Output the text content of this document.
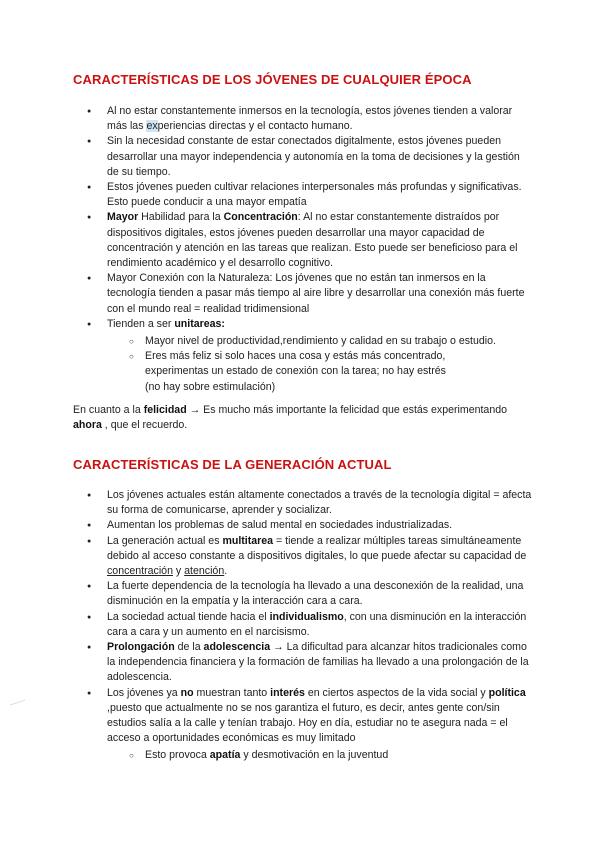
CARACTERÍSTICAS DE LOS JÓVENES DE CUALQUIER ÉPOCA
● Al no estar constantemente inmersos en la tecnología, estos jóvenes tienden a valorar más las experiencias directas y el contacto humano.
● Sin la necesidad constante de estar conectados digitalmente, estos jóvenes pueden desarrollar una mayor independencia y autonomía en la toma de decisiones y la gestión de su tiempo.
● Estos jóvenes pueden cultivar relaciones interpersonales más profundas y significativas. Esto puede conducir a una mayor empatía
● Mayor Habilidad para la Concentración: Al no estar constantemente distraídos por dispositivos digitales, estos jóvenes pueden desarrollar una mayor capacidad de concentración y atención en las tareas que realizan. Esto puede ser beneficioso para el rendimiento académico y el desarrollo cognitivo.
● Mayor Conexión con la Naturaleza: Los jóvenes que no están tan inmersos en la tecnología tienden a pasar más tiempo al aire libre y desarrollar una conexión más fuerte con el mundo real = realidad tridimensional
● Tienden a ser unitareas:
○ Mayor nivel de productividad,rendimiento y calidad en su trabajo o estudio.
○ Eres más feliz si solo haces una cosa y estás más concentrado,
experimentas un estado de conexión con la tarea; no hay estrés
(no hay sobre estimulación)

En cuanto a la felicidad → Es mucho más importante la felicidad que estás experimentando ahora , que el recuerdo.

CARACTERÍSTICAS DE LA GENERACIÓN ACTUAL
● Los jóvenes actuales están altamente conectados a través de la tecnología digital = afecta su forma de comunicarse, aprender y socializar.
● Aumentan los problemas de salud mental en sociedades industrializadas.
● La generación actual es multitarea = tiende a realizar múltiples tareas simultáneamente debido al acceso constante a dispositivos digitales, lo que puede afectar su capacidad de concentración y atención.
● La fuerte dependencia de la tecnología ha llevado a una desconexión de la realidad, una disminución en la empatía y la interacción cara a cara.
● La sociedad actual tiende hacia el individualismo, con una disminución en la interacción cara a cara y un aumento en el narcisismo.
● Prolongación de la adolescencia → La dificultad para alcanzar hitos tradicionales como la independencia financiera y la formación de familias ha llevado a una prolongación de la adolescencia.
● Los jóvenes ya no muestran tanto interés en ciertos aspectos de la vida social y política ,puesto que actualmente no se nos garantiza el futuro, es decir, antes gente con/sin estudios salía a la calle y tenían trabajo. Hoy en día, estudiar no te asegura nada = el acceso a oportunidades económicas es muy limitado
○ Esto provoca apatía y desmotivación en la juventud
